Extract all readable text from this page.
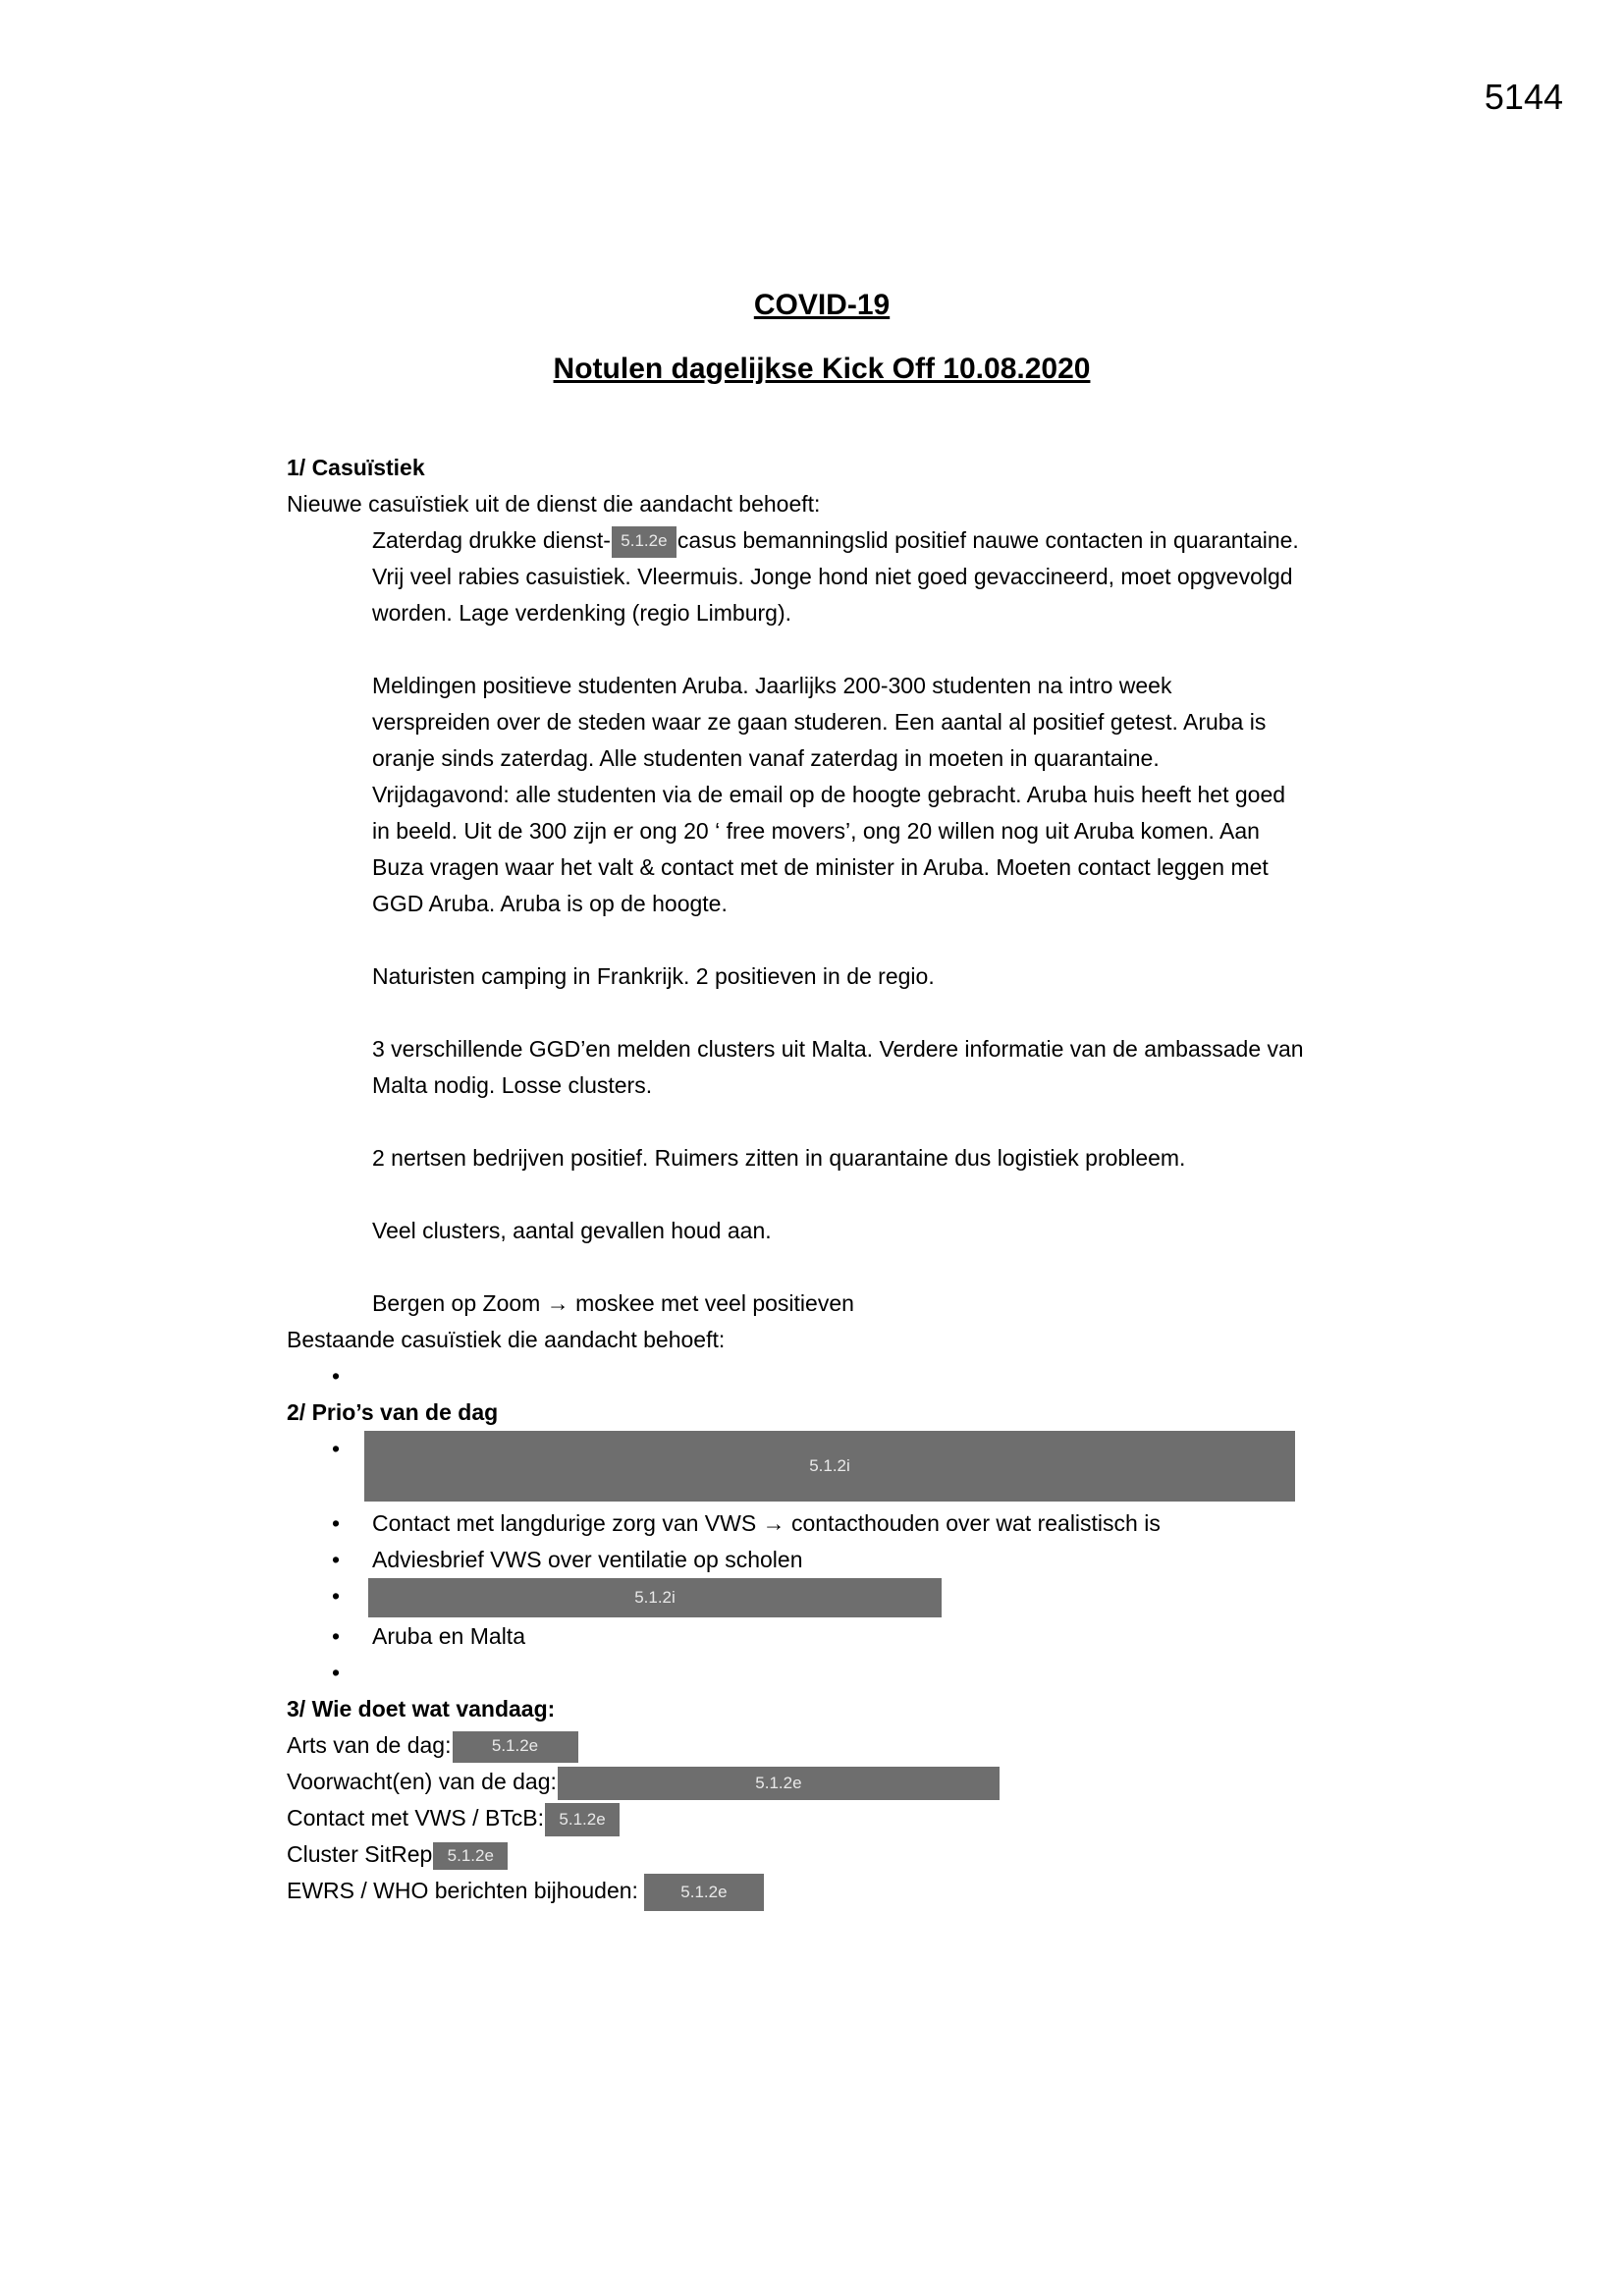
5144
COVID-19
Notulen dagelijkse Kick Off 10.08.2020
1/ Casuïstiek
Nieuwe casuïstiek uit de dienst die aandacht behoeft:
Zaterdag drukke dienst- 5.1.2e casus bemanningslid positief nauwe contacten in quarantaine.
Vrij veel rabies casuistiek. Vleermuis. Jonge hond niet goed gevaccineerd, moet opgvevolgd
worden. Lage verdenking (regio Limburg).
Meldingen positieve studenten Aruba. Jaarlijks 200-300 studenten na intro week
verspreiden over de steden waar ze gaan studeren. Een aantal al positief getest. Aruba is
oranje sinds zaterdag. Alle studenten vanaf zaterdag in moeten in quarantaine.
Vrijdagavond: alle studenten via de email op de hoogte gebracht. Aruba huis heeft het goed
in beeld. Uit de 300 zijn er ong 20 ‘ free movers’, ong 20 willen nog uit Aruba komen. Aan
Buza vragen waar het valt & contact met de minister in Aruba. Moeten contact leggen met
GGD Aruba. Aruba is op de hoogte.
Naturisten camping in Frankrijk. 2 positieven in de regio.
3 verschillende GGD’en melden clusters uit Malta. Verdere informatie van de ambassade van
Malta nodig. Losse clusters.
2 nertsen bedrijven positief. Ruimers zitten in quarantaine dus logistiek probleem.
Veel clusters, aantal gevallen houd aan.
Bergen op Zoom → moskee met veel positieven
Bestaande casuïstiek die aandacht behoeft:
•
2/ Prio’s van de dag
•
5.1.2i
• Contact met langdurige zorg van VWS → contacthouden over wat realistisch is
• Adviesbrief VWS over ventilatie op scholen
•	5.1.2i
• Aruba en Malta
•
3/ Wie doet wat vandaag:
Arts van de dag: 5.1.2e
Voorwacht(en) van de dag:	5.1.2e
Contact met VWS / BTcB: 5.1.2e
Cluster SitRep 5.1.2e
EWRS / WHO berichten bijhouden:	5.1.2e
